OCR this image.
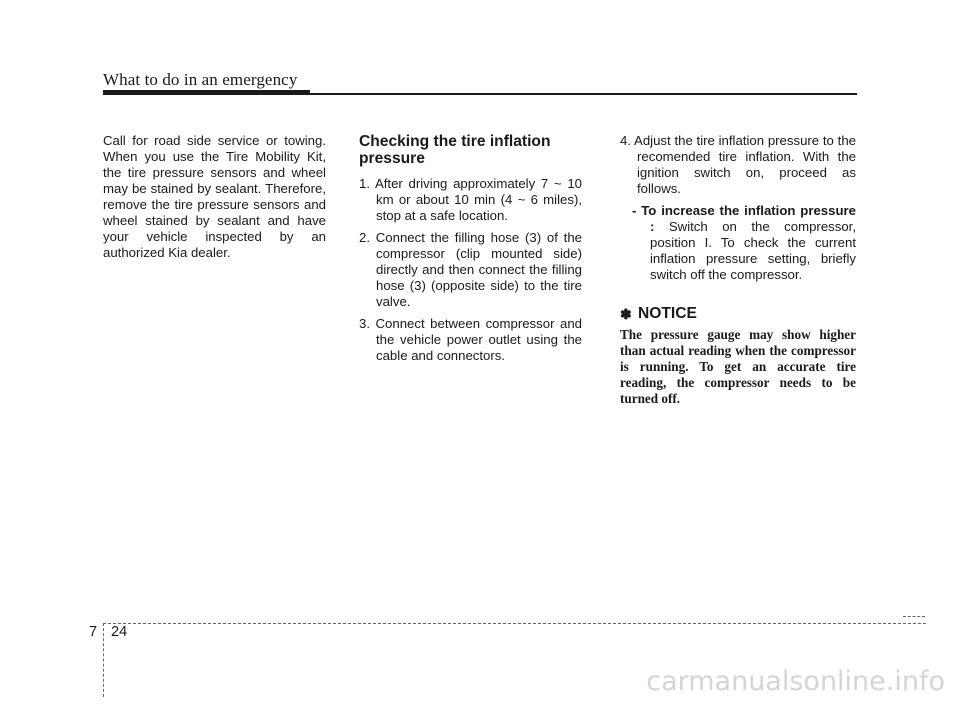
What to do in an emergency

Call for road side service or towing. When you use the Tire Mobility Kit, the tire pressure sensors and wheel may be stained by sealant. Therefore, remove the tire pressure sensors and wheel stained by sealant and have your vehicle inspected by an authorized Kia dealer.

Checking the tire inflation pressure

1. After driving approximately 7 ~ 10 km or about 10 min (4 ~ 6 miles), stop at a safe location.

2. Connect the filling hose (3) of the compressor (clip mounted side) directly and then connect the filling hose (3) (opposite side) to the tire valve.

3. Connect between compressor and the vehicle power outlet using the cable and connectors.

4. Adjust the tire inflation pressure to the recomended tire inflation. With the ignition switch on, proceed as follows.

- To increase the inflation pressure : Switch on the compressor, position I. To check the current inflation pressure setting, briefly switch off the compressor.

✽ NOTICE

The pressure gauge may show higher than actual reading when the compressor is running. To get an accurate tire reading, the compressor needs to be turned off.

7 24
carmanualsonline.info
